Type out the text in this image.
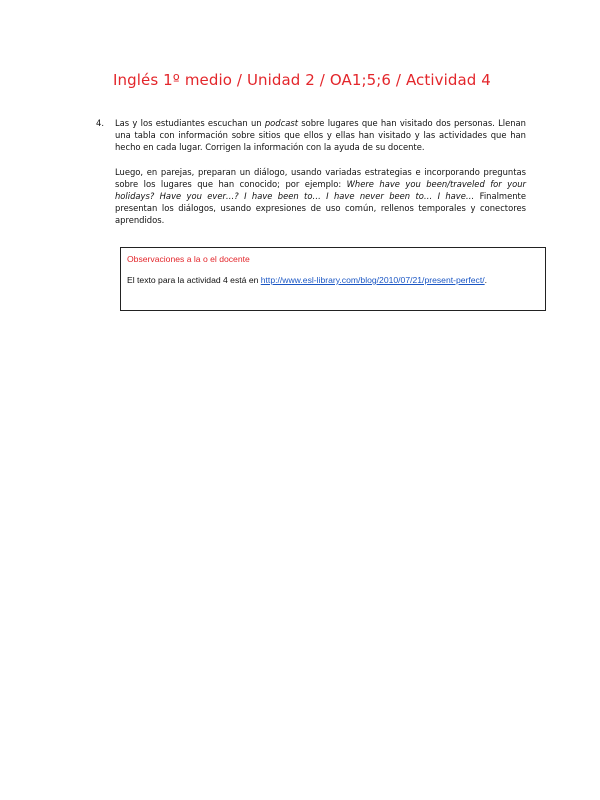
Inglés 1º medio / Unidad 2 / OA1;5;6 / Actividad 4
4. Las y los estudiantes escuchan un podcast sobre lugares que han visitado dos personas. Llenan una tabla con información sobre sitios que ellos y ellas han visitado y las actividades que han hecho en cada lugar. Corrigen la información con la ayuda de su docente.

Luego, en parejas, preparan un diálogo, usando variadas estrategias e incorporando preguntas sobre los lugares que han conocido; por ejemplo: Where have you been/traveled for your holidays? Have you ever…? I have been to… I have never been to… I have… Finalmente presentan los diálogos, usando expresiones de uso común, rellenos temporales y conectores aprendidos.

Observaciones a la o el docente
El texto para la actividad 4 está en http://www.esl-library.com/blog/2010/07/21/present-perfect/.
